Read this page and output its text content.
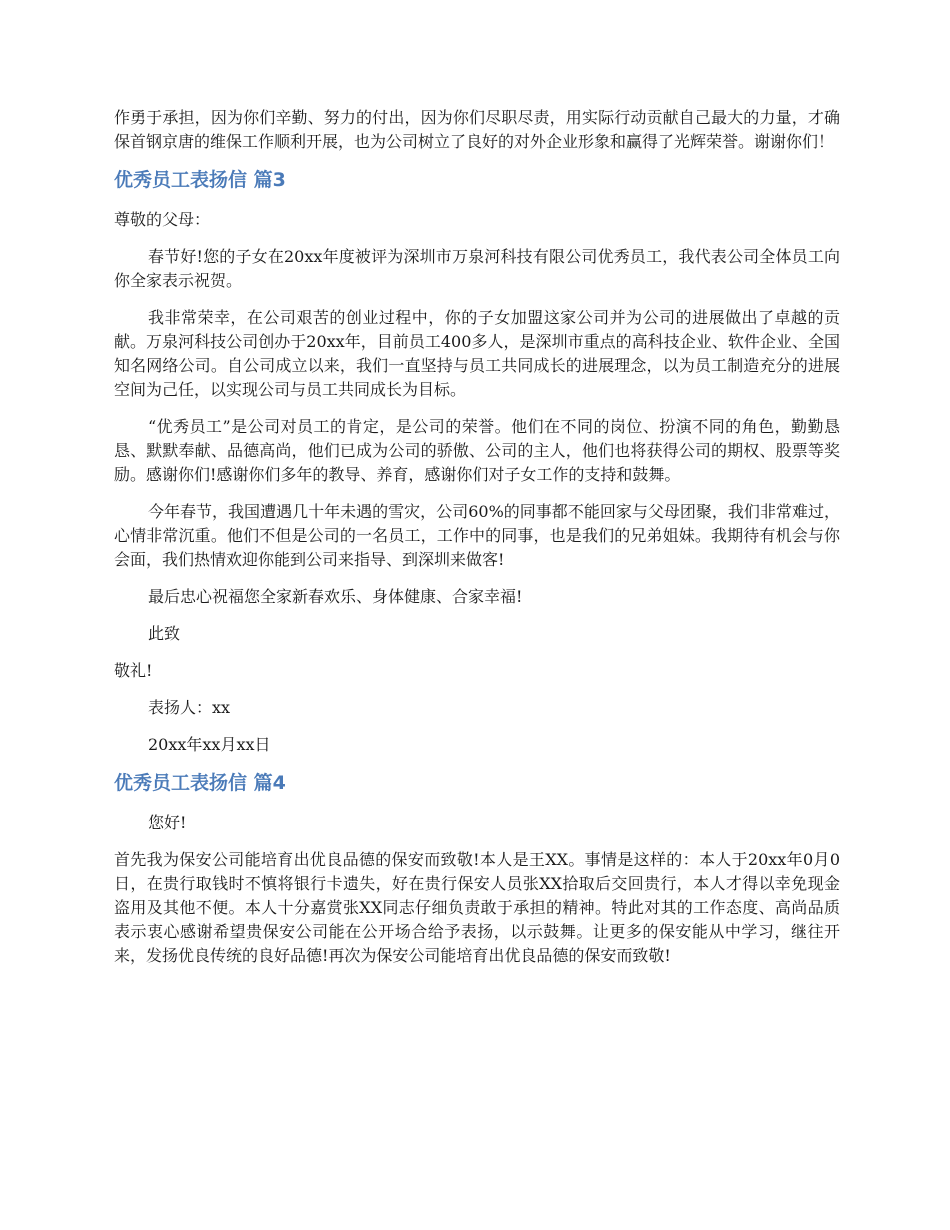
作勇于承担，因为你们辛勤、努力的付出，因为你们尽职尽责，用实际行动贡献自己最大的力量，才确保首钢京唐的维保工作顺利开展，也为公司树立了良好的对外企业形象和赢得了光辉荣誉。谢谢你们！

优秀员工表扬信 篇3

尊敬的父母：

春节好!您的子女在20xx年度被评为深圳市万泉河科技有限公司优秀员工，我代表公司全体员工向你全家表示祝贺。

我非常荣幸，在公司艰苦的创业过程中，你的子女加盟这家公司并为公司的进展做出了卓越的贡献。万泉河科技公司创办于20xx年，目前员工400多人，是深圳市重点的高科技企业、软件企业、全国知名网络公司。自公司成立以来，我们一直坚持与员工共同成长的进展理念，以为员工制造充分的进展空间为己任，以实现公司与员工共同成长为目标。

“优秀员工”是公司对员工的肯定，是公司的荣誉。他们在不同的岗位、扮演不同的角色，勤勤恳恳、默默奉献、品德高尚，他们已成为公司的骄傲、公司的主人，他们也将获得公司的期权、股票等奖励。感谢你们!感谢你们多年的教导、养育，感谢你们对子女工作的支持和鼓舞。

今年春节，我国遭遇几十年未遇的雪灾，公司60%的同事都不能回家与父母团聚，我们非常难过，心情非常沉重。他们不但是公司的一名员工，工作中的同事，也是我们的兄弟姐妹。我期待有机会与你会面，我们热情欢迎你能到公司来指导、到深圳来做客!

最后忠心祝福您全家新春欢乐、身体健康、合家幸福!

此致

敬礼!

表扬人：xx

20xx年xx月xx日

优秀员工表扬信 篇4

您好!

首先我为保安公司能培育出优良品德的保安而致敬!本人是王XX。事情是这样的：本人于20xx年0月0日，在贵行取钱时不慎将银行卡遗失，好在贵行保安人员张XX拾取后交回贵行，本人才得以幸免现金盗用及其他不便。本人十分嘉赏张XX同志仔细负责敢于承担的精神。特此对其的工作态度、高尚品质表示衷心感谢希望贵保安公司能在公开场合给予表扬，以示鼓舞。让更多的保安能从中学习，继往开来，发扬优良传统的良好品德!再次为保安公司能培育出优良品德的保安而致敬!
